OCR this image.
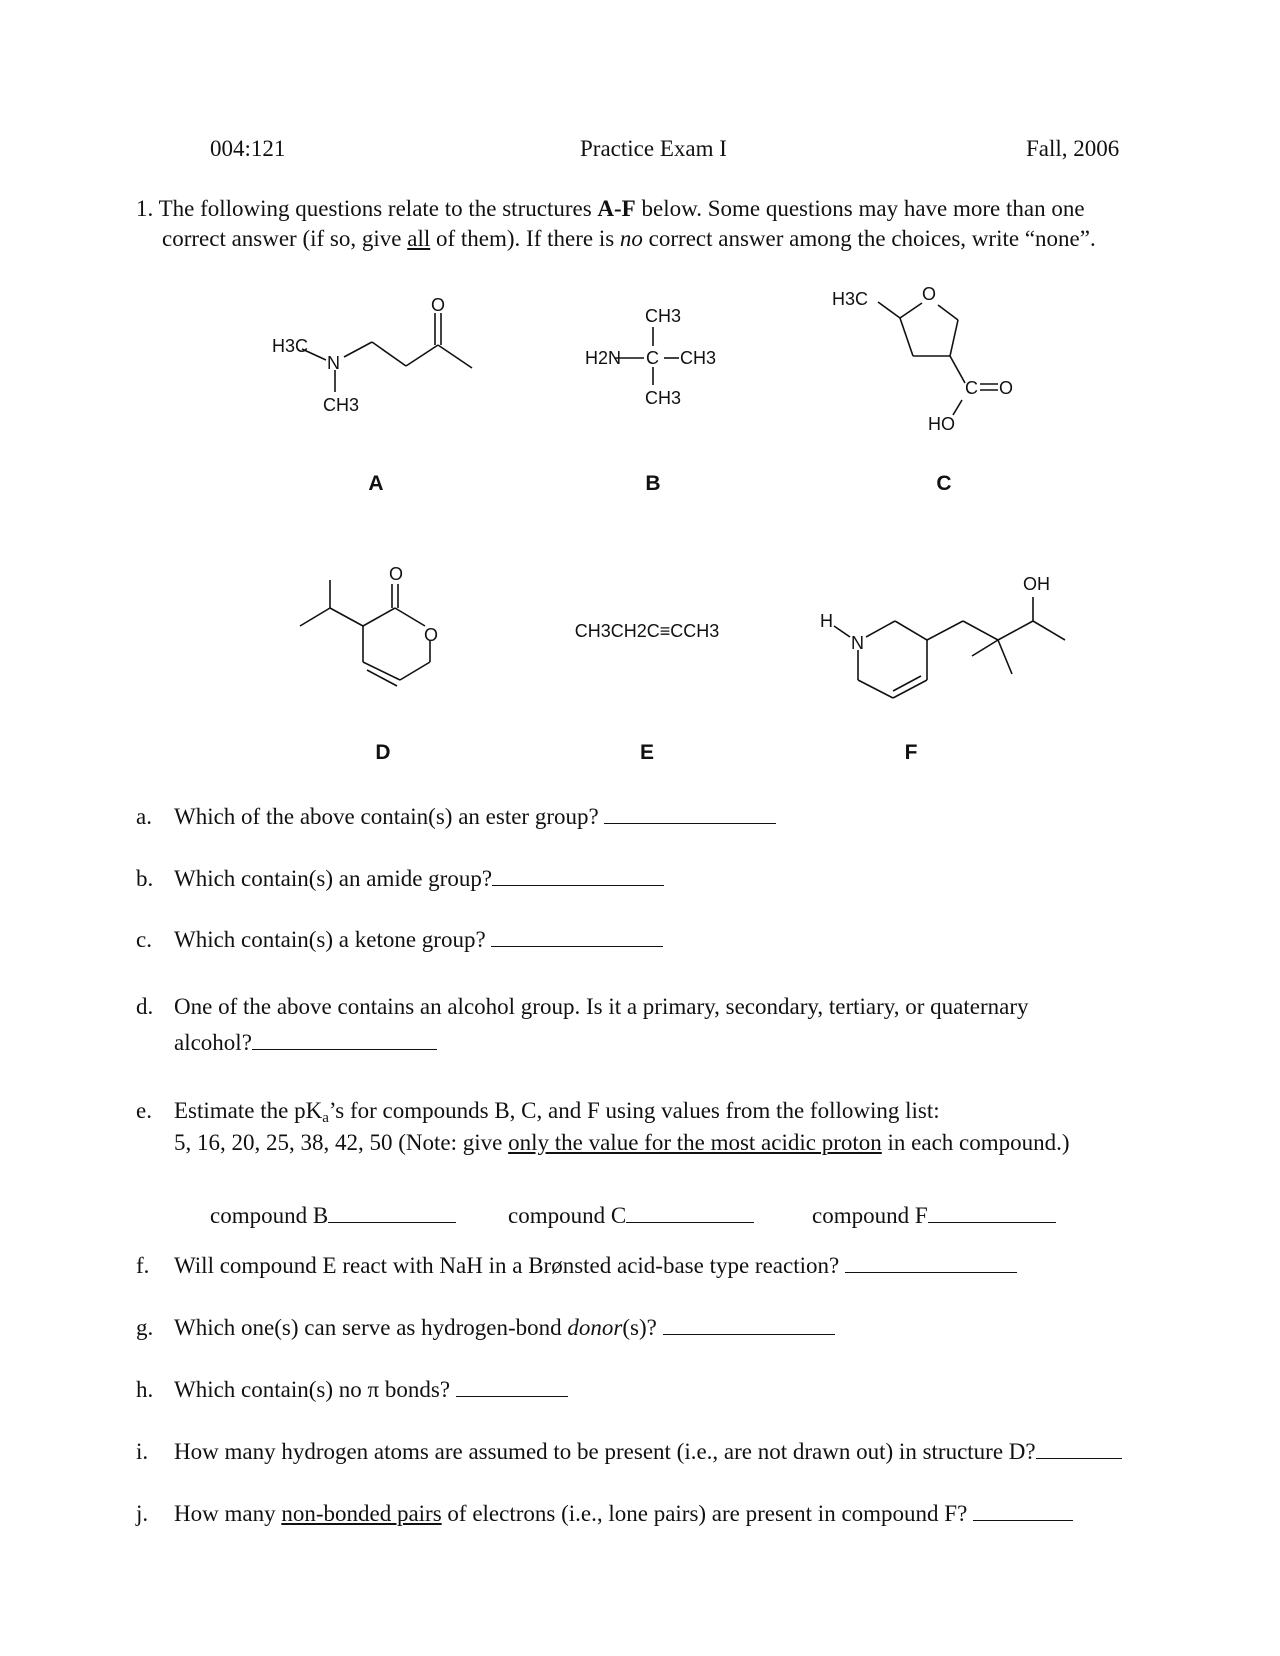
004:121	Practice Exam I	Fall, 2006
1. The following questions relate to the structures A-F below. Some questions may have more than one
correct answer (if so, give all of them). If there is no correct answer among the choices, write “none”.
H3C
N
CH3
O
A
CH3
H2N C CH3
CH3
B
H3C	O
C O
HO
C
O
O
D
CH3CH2C≡CCH3
E
H
N
OH
F
a. Which of the above contain(s) an ester group?
b. Which contain(s) an amide group?
c. Which contain(s) a ketone group?
d. One of the above contains an alcohol group. Is it a primary, secondary, tertiary, or quaternary
alcohol?
e. Estimate the $pK_a’s$ for compounds B, C, and F using values from the following list:
5, 16, 20, 25, 38, 42, 50 (Note: give only the value for the most acidic proton in each compound.)
compound B	compound C	compound F
f. Will compound E react with NaH in a Brønsted acid-base type reaction?
g. Which one(s) can serve as hydrogen-bond donor(s)?
h. Which contain(s) no π bonds?
i. How many hydrogen atoms are assumed to be present (i.e., are not drawn out) in structure D?
j. How many non-bonded pairs of electrons (i.e., lone pairs) are present in compound F?
